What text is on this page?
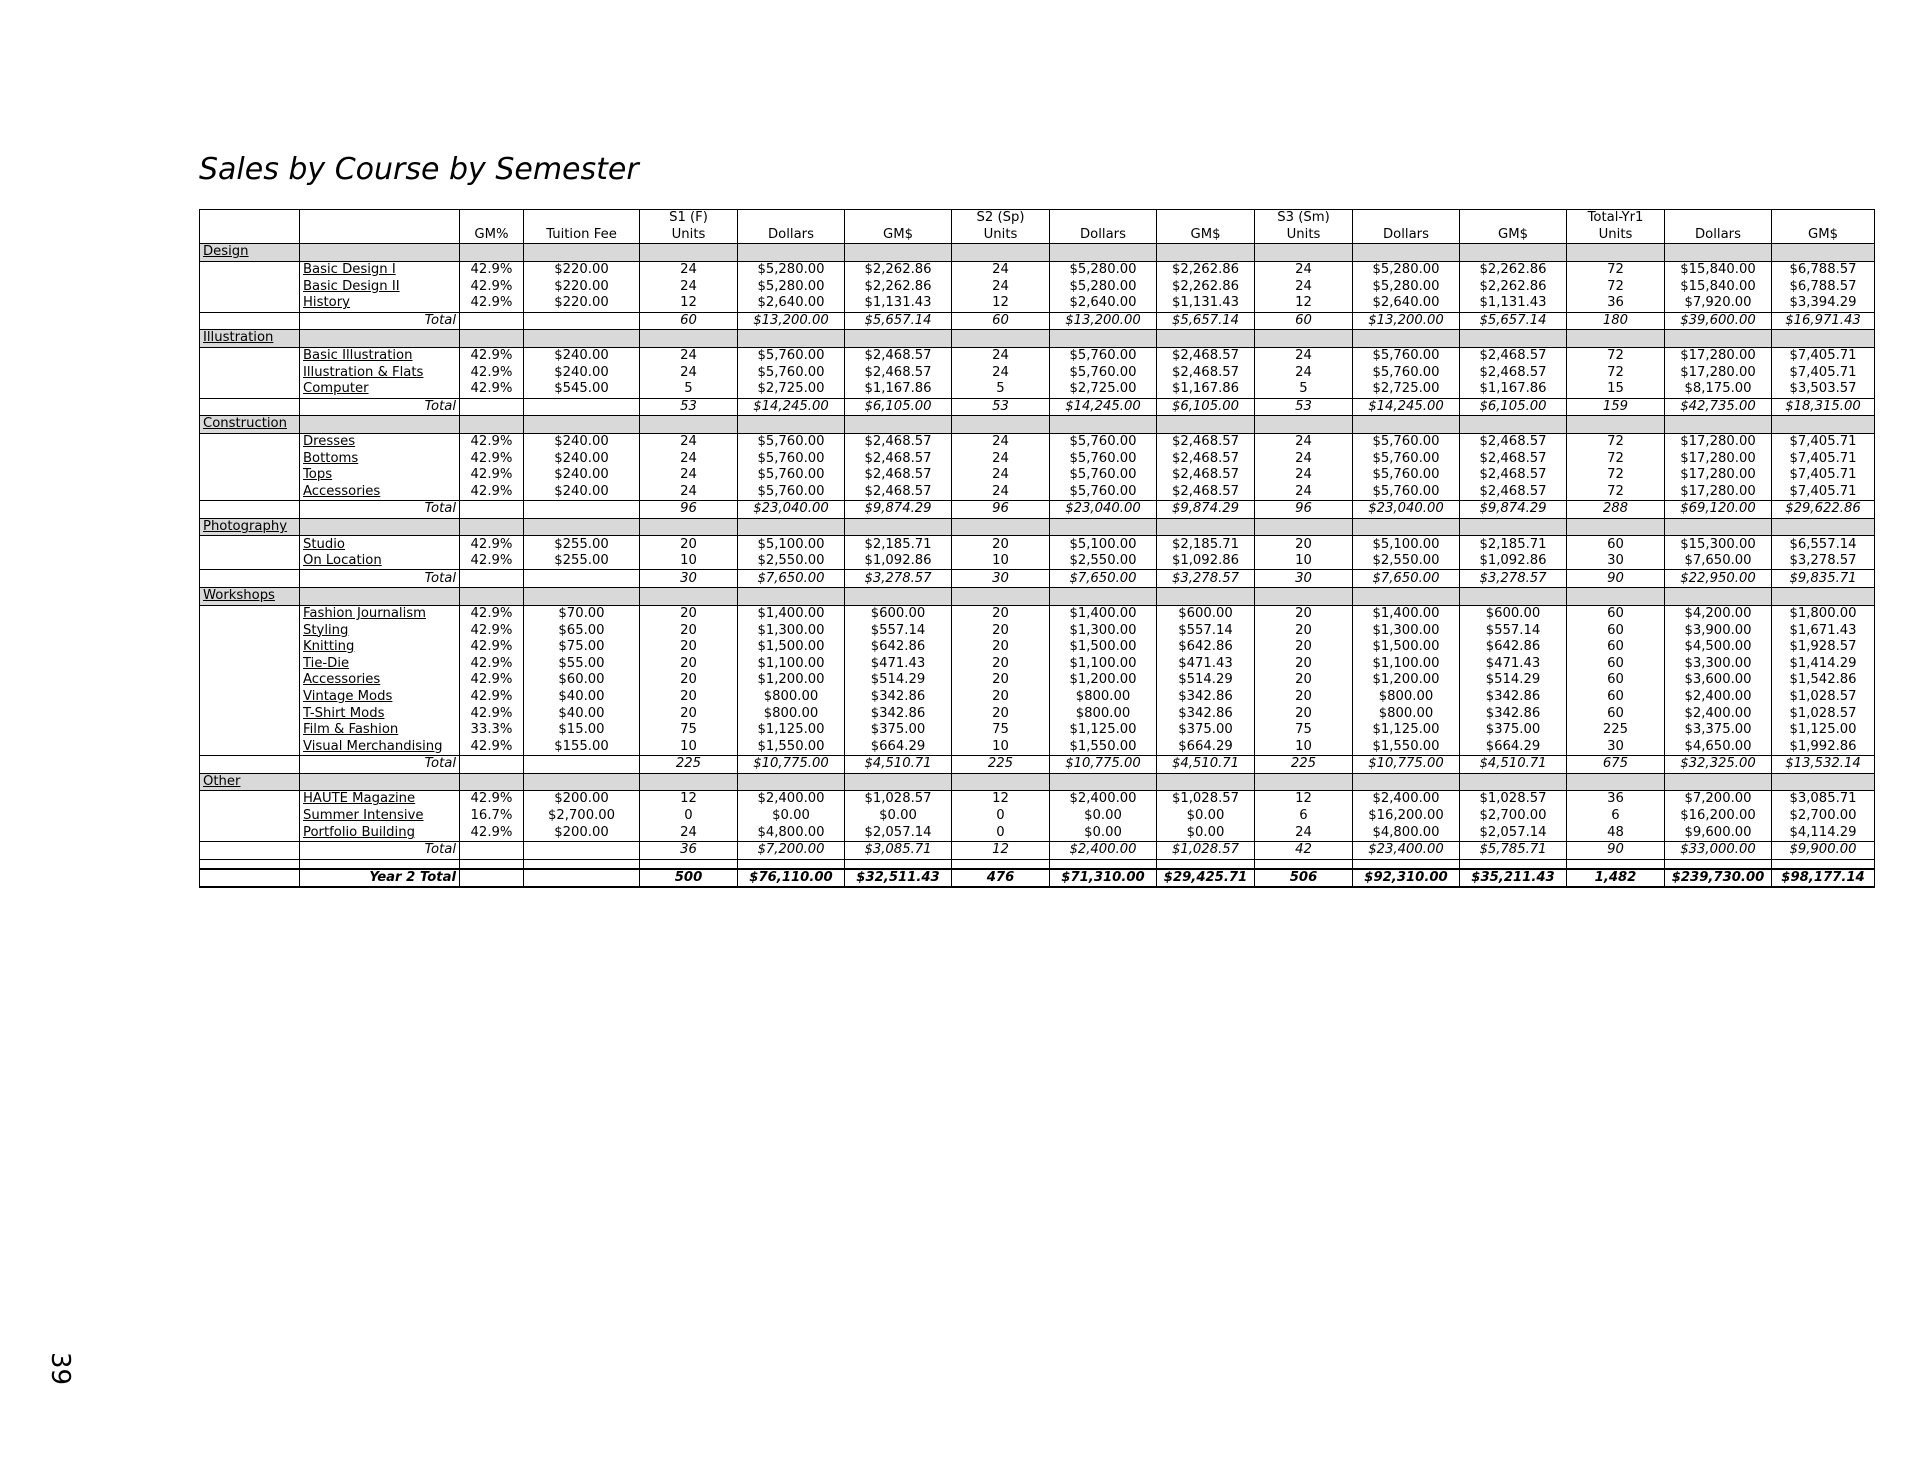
Sales by Course by Semester
				S1 (F)			S2 (Sp)			S3 (Sm)			Total-Yr1		
		GM%	Tuition Fee	Units	Dollars	GM$	Units	Dollars	GM$	Units	Dollars	GM$	Units	Dollars	GM$
Design															
	Basic Design I	42.9%	$220.00	24	$5,280.00	$2,262.86	24	$5,280.00	$2,262.86	24	$5,280.00	$2,262.86	72	$15,840.00	$6,788.57
	Basic Design II	42.9%	$220.00	24	$5,280.00	$2,262.86	24	$5,280.00	$2,262.86	24	$5,280.00	$2,262.86	72	$15,840.00	$6,788.57
	History	42.9%	$220.00	12	$2,640.00	$1,131.43	12	$2,640.00	$1,131.43	12	$2,640.00	$1,131.43	36	$7,920.00	$3,394.29
	Total			60	$13,200.00	$5,657.14	60	$13,200.00	$5,657.14	60	$13,200.00	$5,657.14	180	$39,600.00	$16,971.43
Illustration															
	Basic Illustration	42.9%	$240.00	24	$5,760.00	$2,468.57	24	$5,760.00	$2,468.57	24	$5,760.00	$2,468.57	72	$17,280.00	$7,405.71
	Illustration & Flats	42.9%	$240.00	24	$5,760.00	$2,468.57	24	$5,760.00	$2,468.57	24	$5,760.00	$2,468.57	72	$17,280.00	$7,405.71
	Computer	42.9%	$545.00	5	$2,725.00	$1,167.86	5	$2,725.00	$1,167.86	5	$2,725.00	$1,167.86	15	$8,175.00	$3,503.57
	Total			53	$14,245.00	$6,105.00	53	$14,245.00	$6,105.00	53	$14,245.00	$6,105.00	159	$42,735.00	$18,315.00
Construction															
	Dresses	42.9%	$240.00	24	$5,760.00	$2,468.57	24	$5,760.00	$2,468.57	24	$5,760.00	$2,468.57	72	$17,280.00	$7,405.71
	Bottoms	42.9%	$240.00	24	$5,760.00	$2,468.57	24	$5,760.00	$2,468.57	24	$5,760.00	$2,468.57	72	$17,280.00	$7,405.71
	Tops	42.9%	$240.00	24	$5,760.00	$2,468.57	24	$5,760.00	$2,468.57	24	$5,760.00	$2,468.57	72	$17,280.00	$7,405.71
	Accessories	42.9%	$240.00	24	$5,760.00	$2,468.57	24	$5,760.00	$2,468.57	24	$5,760.00	$2,468.57	72	$17,280.00	$7,405.71
	Total			96	$23,040.00	$9,874.29	96	$23,040.00	$9,874.29	96	$23,040.00	$9,874.29	288	$69,120.00	$29,622.86
Photography															
	Studio	42.9%	$255.00	20	$5,100.00	$2,185.71	20	$5,100.00	$2,185.71	20	$5,100.00	$2,185.71	60	$15,300.00	$6,557.14
	On Location	42.9%	$255.00	10	$2,550.00	$1,092.86	10	$2,550.00	$1,092.86	10	$2,550.00	$1,092.86	30	$7,650.00	$3,278.57
	Total			30	$7,650.00	$3,278.57	30	$7,650.00	$3,278.57	30	$7,650.00	$3,278.57	90	$22,950.00	$9,835.71
Workshops															
	Fashion Journalism	42.9%	$70.00	20	$1,400.00	$600.00	20	$1,400.00	$600.00	20	$1,400.00	$600.00	60	$4,200.00	$1,800.00
	Styling	42.9%	$65.00	20	$1,300.00	$557.14	20	$1,300.00	$557.14	20	$1,300.00	$557.14	60	$3,900.00	$1,671.43
	Knitting	42.9%	$75.00	20	$1,500.00	$642.86	20	$1,500.00	$642.86	20	$1,500.00	$642.86	60	$4,500.00	$1,928.57
	Tie-Die	42.9%	$55.00	20	$1,100.00	$471.43	20	$1,100.00	$471.43	20	$1,100.00	$471.43	60	$3,300.00	$1,414.29
	Accessories	42.9%	$60.00	20	$1,200.00	$514.29	20	$1,200.00	$514.29	20	$1,200.00	$514.29	60	$3,600.00	$1,542.86
	Vintage Mods	42.9%	$40.00	20	$800.00	$342.86	20	$800.00	$342.86	20	$800.00	$342.86	60	$2,400.00	$1,028.57
	T-Shirt Mods	42.9%	$40.00	20	$800.00	$342.86	20	$800.00	$342.86	20	$800.00	$342.86	60	$2,400.00	$1,028.57
	Film & Fashion	33.3%	$15.00	75	$1,125.00	$375.00	75	$1,125.00	$375.00	75	$1,125.00	$375.00	225	$3,375.00	$1,125.00
	Visual Merchandising	42.9%	$155.00	10	$1,550.00	$664.29	10	$1,550.00	$664.29	10	$1,550.00	$664.29	30	$4,650.00	$1,992.86
	Total			225	$10,775.00	$4,510.71	225	$10,775.00	$4,510.71	225	$10,775.00	$4,510.71	675	$32,325.00	$13,532.14
Other															
	HAUTE Magazine	42.9%	$200.00	12	$2,400.00	$1,028.57	12	$2,400.00	$1,028.57	12	$2,400.00	$1,028.57	36	$7,200.00	$3,085.71
	Summer Intensive	16.7%	$2,700.00	0	$0.00	$0.00	0	$0.00	$0.00	6	$16,200.00	$2,700.00	6	$16,200.00	$2,700.00
	Portfolio Building	42.9%	$200.00	24	$4,800.00	$2,057.14	0	$0.00	$0.00	24	$4,800.00	$2,057.14	48	$9,600.00	$4,114.29
	Total			36	$7,200.00	$3,085.71	12	$2,400.00	$1,028.57	42	$23,400.00	$5,785.71	90	$33,000.00	$9,900.00

	Year 2 Total			500	$76,110.00	$32,511.43	476	$71,310.00	$29,425.71	506	$92,310.00	$35,211.43	1,482	$239,730.00	$98,177.14
39
